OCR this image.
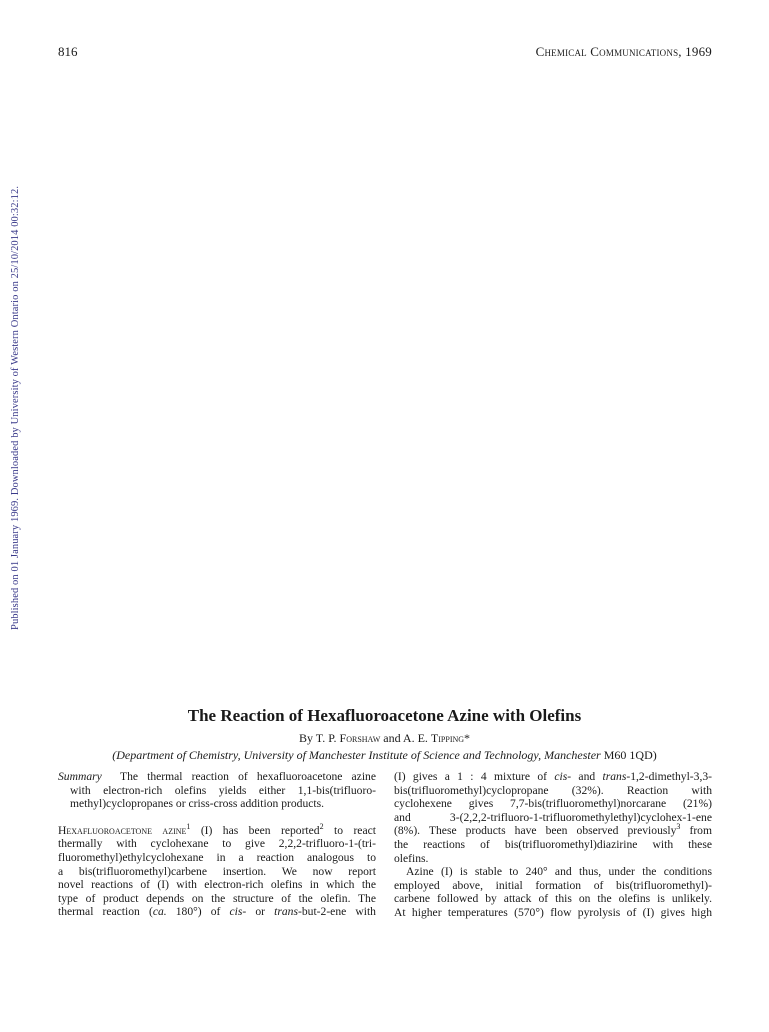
816	Chemical Communications, 1969
Published on 01 January 1969. Downloaded by University of Western Ontario on 25/10/2014 00:32:12.
The Reaction of Hexafluoroacetone Azine with Olefins
By T. P. Forshaw and A. E. Tipping*
(Department of Chemistry, University of Manchester Institute of Science and Technology, Manchester M60 1QD)

Summary The thermal reaction of hexafluoroacetone azine
with electron-rich olefins yields either 1,1-bis(trifluoro-
methyl)cyclopropanes or criss-cross addition products.

Hexafluoroacetone azine$^1$ (I) has been reported$^2$ to react
thermally with cyclohexane to give 2,2,2-trifluoro-1-(tri-
fluoromethyl)ethylcyclohexane in a reaction analogous to
a bis(trifluoromethyl)carbene insertion. We now report
novel reactions of (I) with electron-rich olefins in which the
type of product depends on the structure of the olefin. The
thermal reaction (ca. 180°) of cis- or trans-but-2-ene with

(I) gives a 1 : 4 mixture of cis- and trans-1,2-dimethyl-3,3-
bis(trifluoromethyl)cyclopropane (32%). Reaction with
cyclohexene gives 7,7-bis(trifluoromethyl)norcarane (21%)
and 3-(2,2,2-trifluoro-1-trifluoromethylethyl)cyclohex-1-ene
(8%). These products have been observed previously$^3$ from
the reactions of bis(trifluoromethyl)diazirine with these
olefins.

Azine (I) is stable to 240° and thus, under the conditions
employed above, initial formation of bis(trifluoromethyl)-
carbene followed by attack of this on the olefins is unlikely.
At higher temperatures (570°) flow pyrolysis of (I) gives high
